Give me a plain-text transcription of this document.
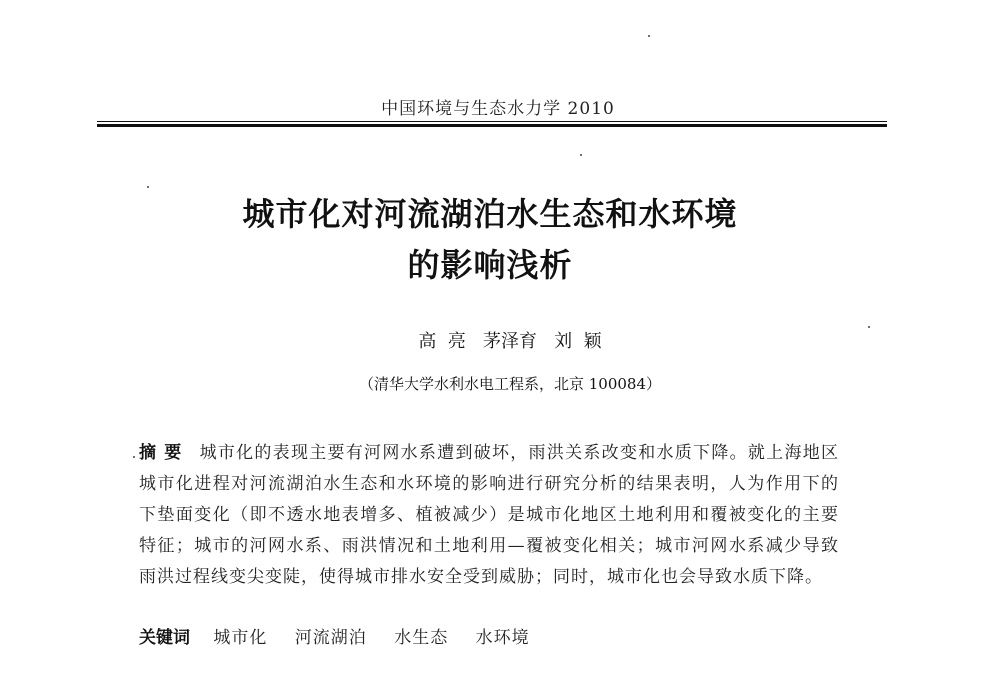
中国环境与生态水力学 2010
城市化对河流湖泊水生态和水环境
的影响浅析
高  亮   茅泽育   刘  颖
（清华大学水利水电工程系，北京 100084）
摘要 城市化的表现主要有河网水系遭到破坏，雨洪关系改变和水质下降。就上海地区城市化进程对河流湖泊水生态和水环境的影响进行研究分析的结果表明，人为作用下的下垫面变化（即不透水地表增多、植被减少）是城市化地区土地利用和覆被变化的主要特征；城市的河网水系、雨洪情况和土地利用—覆被变化相关；城市河网水系减少导致雨洪过程线变尖变陡，使得城市排水安全受到威胁；同时，城市化也会导致水质下降。
关键词 城市化 河流湖泊 水生态 水环境
